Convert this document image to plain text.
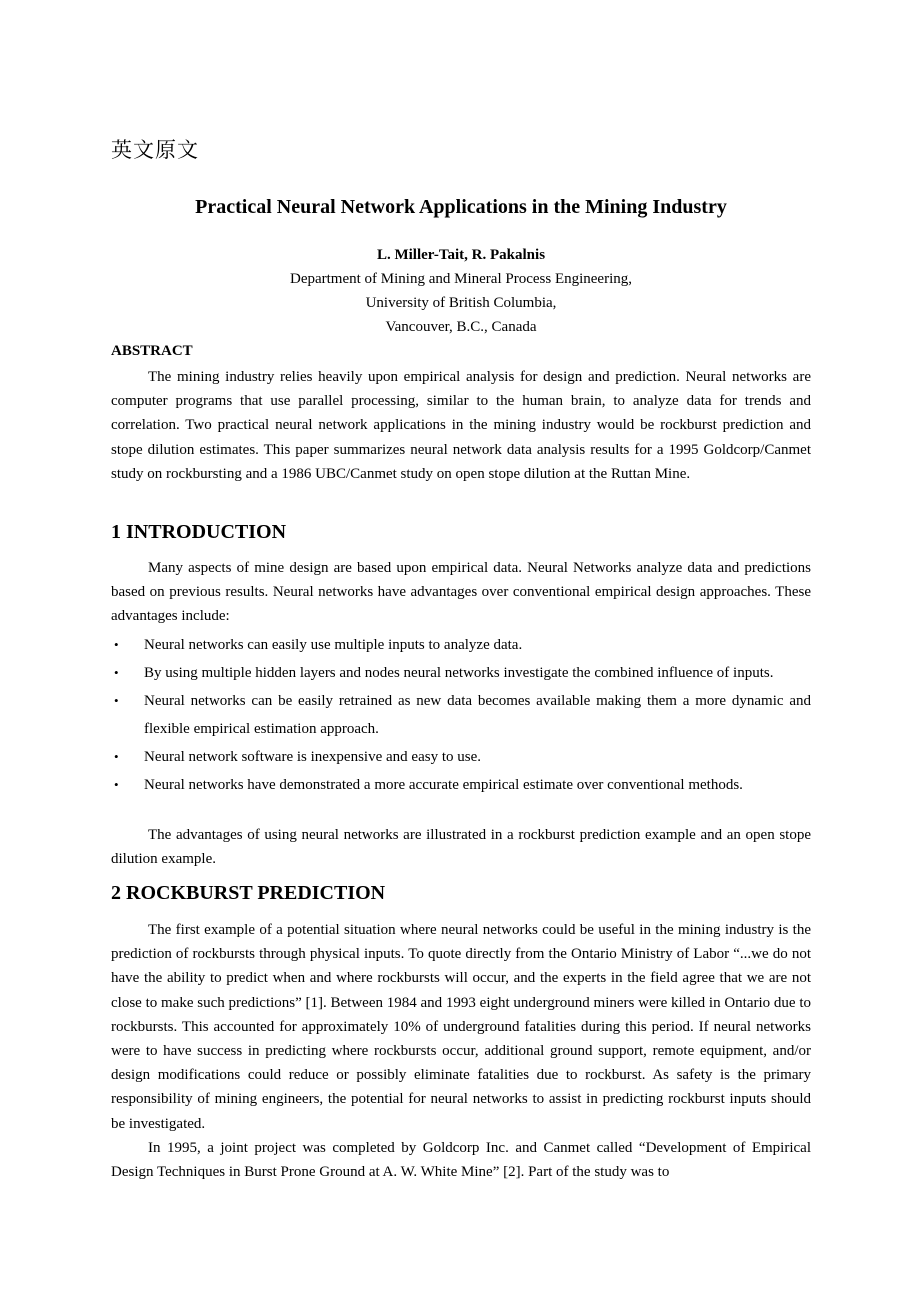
英文原文
Practical Neural Network Applications in the Mining Industry
L. Miller-Tait, R. Pakalnis
Department of Mining and Mineral Process Engineering,
University of British Columbia,
Vancouver, B.C., Canada
ABSTRACT

The mining industry relies heavily upon empirical analysis for design and prediction. Neural networks are computer programs that use parallel processing, similar to the human brain, to analyze data for trends and correlation. Two practical neural network applications in the mining industry would be rockburst prediction and stope dilution estimates. This paper summarizes neural network data analysis results for a 1995 Goldcorp/Canmet study on rockbursting and a 1986 UBC/Canmet study on open stope dilution at the Ruttan Mine.

1 INTRODUCTION

Many aspects of mine design are based upon empirical data. Neural Networks analyze data and predictions based on previous results. Neural networks have advantages over conventional empirical design approaches. These advantages include:

• Neural networks can easily use multiple inputs to analyze data.
• By using multiple hidden layers and nodes neural networks investigate the combined influence of inputs.
• Neural networks can be easily retrained as new data becomes available making them a more dynamic and flexible empirical estimation approach.
• Neural network software is inexpensive and easy to use.
• Neural networks have demonstrated a more accurate empirical estimate over conventional methods.

The advantages of using neural networks are illustrated in a rockburst prediction example and an open stope dilution example.

2 ROCKBURST PREDICTION

The first example of a potential situation where neural networks could be useful in the mining industry is the prediction of rockbursts through physical inputs. To quote directly from the Ontario Ministry of Labor “...we do not have the ability to predict when and where rockbursts will occur, and the experts in the field agree that we are not close to make such predictions” [1]. Between 1984 and 1993 eight underground miners were killed in Ontario due to rockbursts. This accounted for approximately 10% of underground fatalities during this period. If neural networks were to have success in predicting where rockbursts occur, additional ground support, remote equipment, and/or design modifications could reduce or possibly eliminate fatalities due to rockburst. As safety is the primary responsibility of mining engineers, the potential for neural networks to assist in predicting rockburst inputs should be investigated.

In 1995, a joint project was completed by Goldcorp Inc. and Canmet called “Development of Empirical Design Techniques in Burst Prone Ground at A. W. White Mine” [2]. Part of the study was to
